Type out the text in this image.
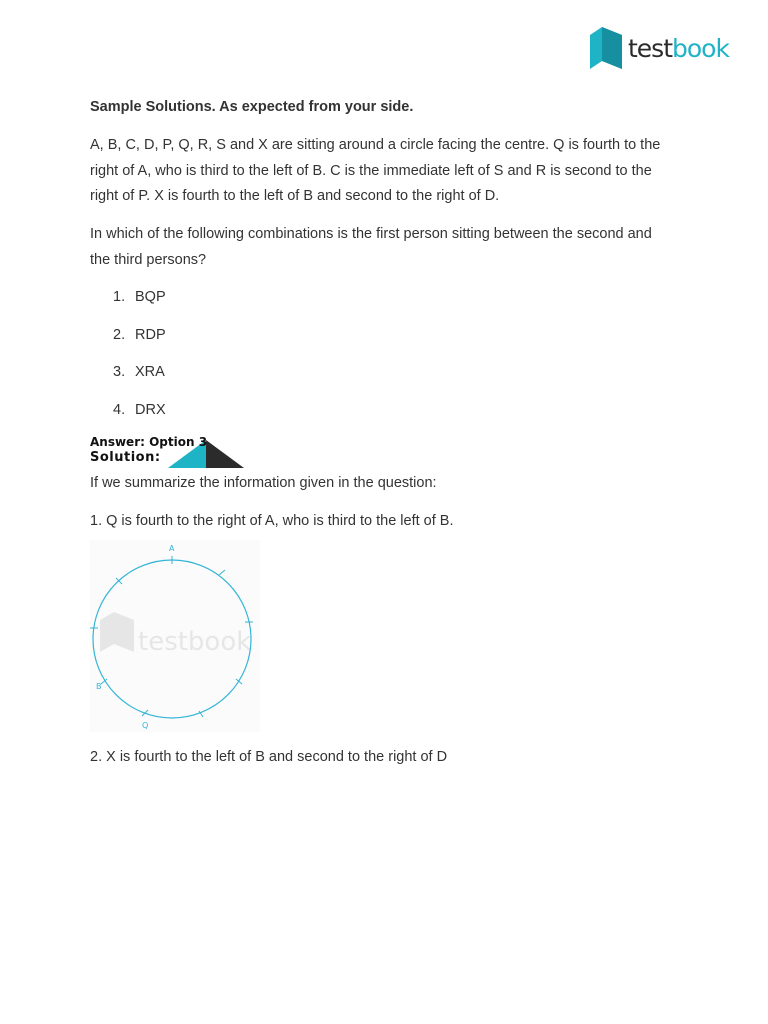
testbook
Sample Solutions. As expected from your side.
A, B, C, D, P, Q, R, S and X are sitting around a circle facing the centre. Q is fourth to the right of A, who is third to the left of B. C is the immediate left of S and R is second to the right of P. X is fourth to the left of B and second to the right of D.
In which of the following combinations is the first person sitting between the second and the third persons?
1. BQP
2. RDP
3. XRA
4. DRX
Answer: Option 3
Solution:
If we summarize the information given in the question:
1. Q is fourth to the right of A, who is third to the left of B.
testbook
A
B
Q
2. X is fourth to the left of B and second to the right of D
